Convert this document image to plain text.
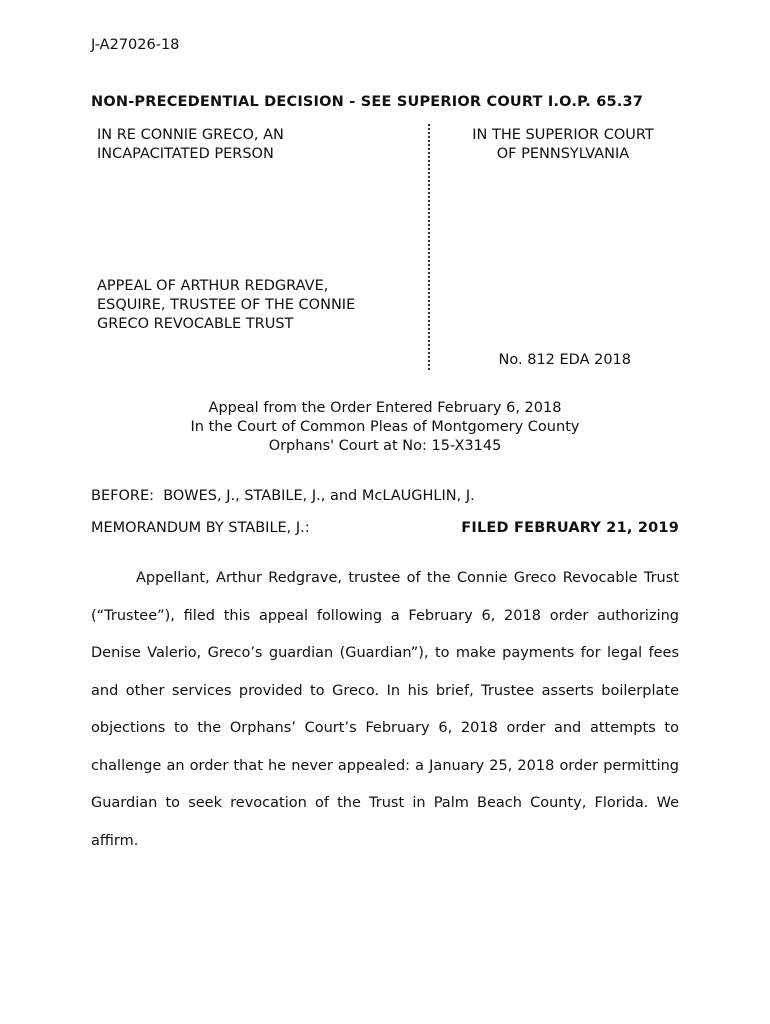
J-A27026-18
NON-PRECEDENTIAL DECISION - SEE SUPERIOR COURT I.O.P. 65.37
IN RE CONNIE GRECO, AN
INCAPACITATED PERSON
IN THE SUPERIOR COURT
OF PENNSYLVANIA
APPEAL OF ARTHUR REDGRAVE,
ESQUIRE, TRUSTEE OF THE CONNIE
GRECO REVOCABLE TRUST
No. 812 EDA 2018
Appeal from the Order Entered February 6, 2018
In the Court of Common Pleas of Montgomery County
Orphans' Court at No: 15-X3145
BEFORE:  BOWES, J., STABILE, J., and McLAUGHLIN, J.
MEMORANDUM BY STABILE, J.:	FILED FEBRUARY 21, 2019

Appellant, Arthur Redgrave, trustee of the Connie Greco Revocable Trust (“Trustee”), filed this appeal following a February 6, 2018 order authorizing Denise Valerio, Greco’s guardian (Guardian”), to make payments for legal fees and other services provided to Greco. In his brief, Trustee asserts boilerplate objections to the Orphans’ Court’s February 6, 2018 order and attempts to challenge an order that he never appealed: a January 25, 2018 order permitting Guardian to seek revocation of the Trust in Palm Beach County, Florida. We affirm.
